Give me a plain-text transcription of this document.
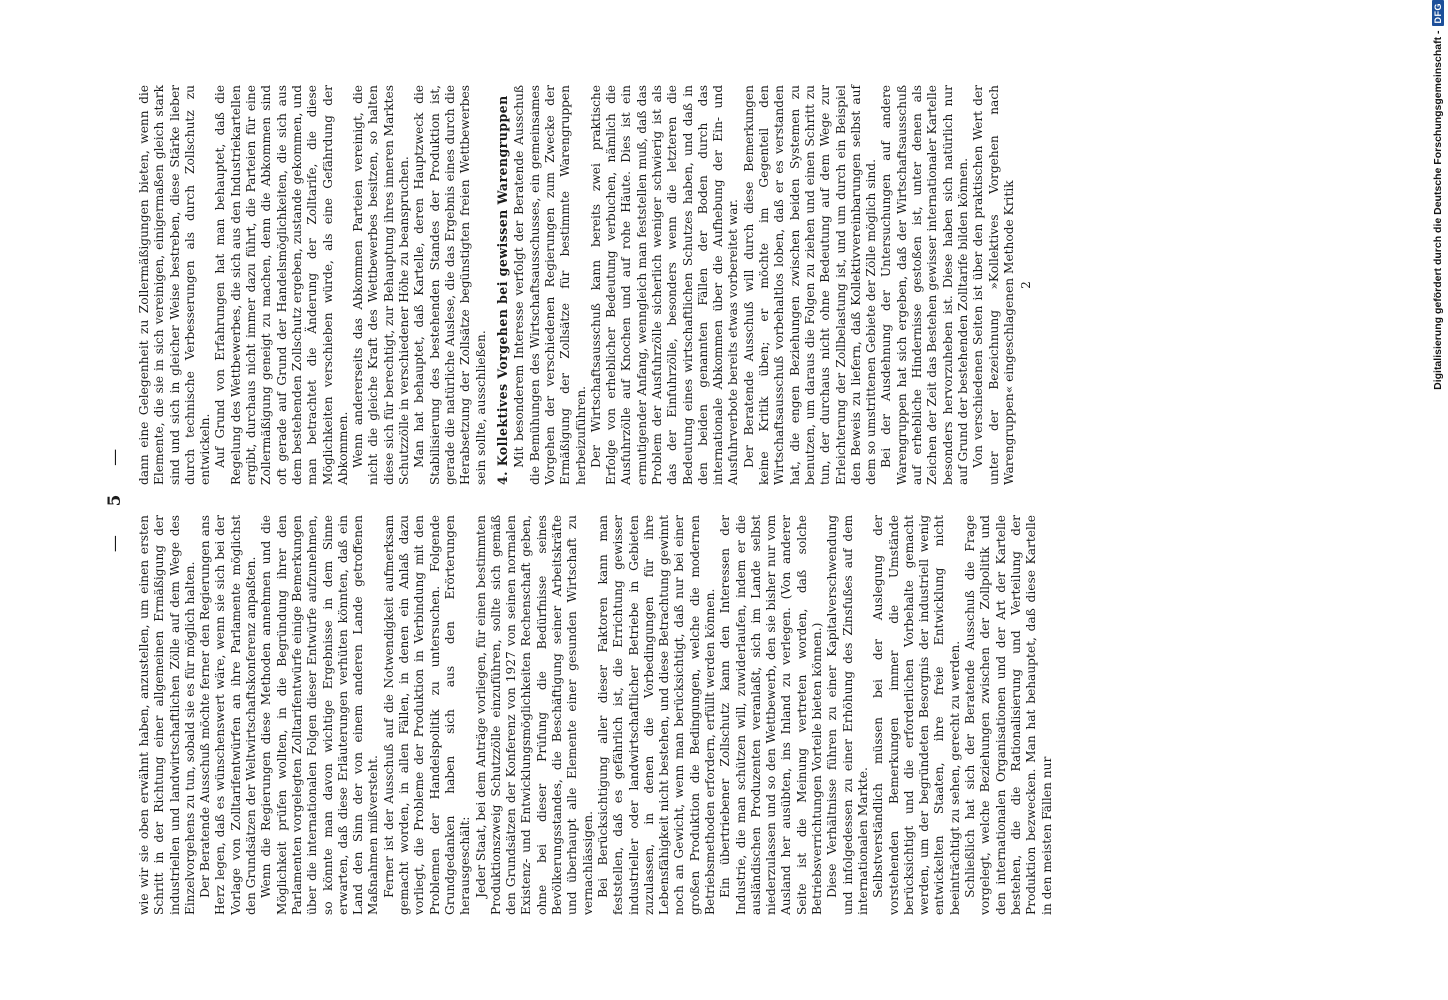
—    5    —

wie wir sie oben erwähnt haben, anzustellen, um einen ersten Schritt in der Richtung einer allgemeinen Ermäßigung der industriellen und landwirtschaftlichen Zölle auf dem Wege des Einzelvorgehens zu tun, sobald sie es für möglich halten. Der Beratende Ausschuß möchte ferner den Regierungen ans Herz legen, daß es wünschenswert wäre, wenn sie sich bei der Vorlage von Zolltarifentwürfen an ihre Parlamente möglichst den Grundsätzen der Weltwirtschaftskonferenz anpaßten. Wenn die Regierungen diese Methoden annehmen und die Möglichkeit prüfen wollten, in die Begründung ihrer den Parlamenten vorgelegten Zolltarifentwürfe einige Bemerkungen über die internationalen Folgen dieser Entwürfe aufzunehmen, so könnte man davon wichtige Ergebnisse in dem Sinne erwarten, daß diese Erläuterungen verhüten könnten, daß ein Land den Sinn der von einem anderen Lande getroffenen Maßnahmen mißversteht. Ferner ist der Ausschuß auf die Notwendigkeit aufmerksam gemacht worden, in allen Fällen, in denen ein Anlaß dazu vorliegt, die Probleme der Produktion in Verbindung mit den Problemen der Handelspolitik zu untersuchen. Folgende Grundgedanken haben sich aus den Erörterungen herausgeschält: Jeder Staat, bei dem Anträge vorliegen, für einen bestimmten Produktionszweig Schutzzölle einzuführen, sollte sich gemäß den Grundsätzen der Konferenz von 1927 von seinen normalen Existenz- und Entwicklungsmöglichkeiten Rechenschaft geben, ohne bei dieser Prüfung die Bedürfnisse seines Bevölkerungsstandes, die Beschäftigung seiner Arbeitskräfte und überhaupt alle Elemente einer gesunden Wirtschaft zu vernachlässigen. Bei Berücksichtigung aller dieser Faktoren kann man feststellen, daß es gefährlich ist, die Errichtung gewisser industrieller oder landwirtschaftlicher Betriebe in Gebieten zuzulassen, in denen die Vorbedingungen für ihre Lebensfähigkeit nicht bestehen, und diese Betrachtung gewinnt noch an Gewicht, wenn man berücksichtigt, daß nur bei einer großen Produktion die Bedingungen, welche die modernen Betriebsmethoden erfordern, erfüllt werden können. Ein übertriebener Zollschutz kann den Interessen der Industrie, die man schützen will, zuwiderlaufen, indem er die ausländischen Produzenten veranlaßt, sich im Lande selbst niederzulassen und so den Wettbewerb, den sie bisher nur vom Ausland her ausübten, ins Inland zu verlegen. (Von anderer Seite ist die Meinung vertreten worden, daß solche Betriebsverrichtungen Vorteile bieten können.) Diese Verhältnisse führen zu einer Kapitalverschwendung und infolgedessen zu einer Erhöhung des Zinsfußes auf dem internationalen Markte. Selbstverständlich müssen bei der Auslegung der vorstehenden Bemerkungen immer die Umstände berücksichtigt und die erforderlichen Vorbehalte gemacht werden, um der begründeten Besorgnis der industriell wenig entwickelten Staaten, ihre freie Entwicklung nicht beeinträchtigt zu sehen, gerecht zu werden. Schließlich hat sich der Beratende Ausschuß die Frage vorgelegt, welche Beziehungen zwischen der Zollpolitik und den internationalen Organisationen und der Art der Kartelle bestehen, die die Rationalisierung und Verteilung der Produktion bezwecken. Man hat behauptet, daß diese Kartelle in den meisten Fällen nur

dann eine Gelegenheit zu Zollermäßigungen bieten, wenn die Elemente, die sie in sich vereinigen, einigermaßen gleich stark sind und sich in gleicher Weise bestreben, diese Stärke lieber durch technische Verbesserungen als durch Zollschutz zu entwickeln. Auf Grund von Erfahrungen hat man behauptet, daß die Regelung des Wettbewerbes, die sich aus den Industriekartellen ergibt, durchaus nicht immer dazu führt, die Parteien für eine Zollermäßigung geneigt zu machen, denn die Abkommen sind oft gerade auf Grund der Handelsmöglichkeiten, die sich aus dem bestehenden Zollschutz ergeben, zustande gekommen, und man betrachtet die Änderung der Zolltarife, die diese Möglichkeiten verschieben würde, als eine Gefährdung der Abkommen. Wenn andererseits das Abkommen Parteien vereinigt, die nicht die gleiche Kraft des Wettbewerbes besitzen, so halten diese sich für berechtigt, zur Behauptung ihres inneren Marktes Schutzzölle in verschiedener Höhe zu beanspruchen. Man hat behauptet, daß Kartelle, deren Hauptzweck die Stabilisierung des bestehenden Standes der Produktion ist, gerade die natürliche Auslese, die das Ergebnis eines durch die Herabsetzung der Zollsätze begünstigten freien Wettbewerbes sein sollte, ausschließen. 4. Kollektives Vorgehen bei gewissen Warengruppen Mit besonderem Interesse verfolgt der Beratende Ausschuß die Bemühungen des Wirtschaftsausschusses, ein gemeinsames Vorgehen der verschiedenen Regierungen zum Zwecke der Ermäßigung der Zollsätze für bestimmte Warengruppen herbeizuführen. Der Wirtschaftsausschuß kann bereits zwei praktische Erfolge von erheblicher Bedeutung verbuchen, nämlich die Ausfuhrzölle auf Knochen und auf rohe Häute. Dies ist ein ermutigender Anfang, wenngleich man feststellen muß, daß das Problem der Ausfuhrzölle sicherlich weniger schwierig ist als das der Einfuhrzölle, besonders wenn die letzteren die Bedeutung eines wirtschaftlichen Schutzes haben, und daß in den beiden genannten Fällen der Boden durch das internationale Abkommen über die Aufhebung der Ein- und Ausfuhrverbote bereits etwas vorbereitet war. Der Beratende Ausschuß will durch diese Bemerkungen keine Kritik üben; er möchte im Gegenteil den Wirtschaftsausschuß vorbehaltlos loben, daß er es verstanden hat, die engen Beziehungen zwischen beiden Systemen zu benutzen, um daraus die Folgen zu ziehen und einen Schritt zu tun, der durchaus nicht ohne Bedeutung auf dem Wege zur Erleichterung der Zollbelastung ist, und um durch ein Beispiel den Beweis zu liefern, daß Kollektivvereinbarungen selbst auf dem so umstrittenen Gebiete der Zölle möglich sind. Bei der Ausdehnung der Untersuchungen auf andere Warengruppen hat sich ergeben, daß der Wirtschaftsausschuß auf erhebliche Hindernisse gestoßen ist, unter denen als Zeichen der Zeit das Bestehen gewisser internationaler Kartelle besonders hervorzuheben ist. Diese haben sich natürlich nur auf Grund der bestehenden Zolltarife bilden können. Von verschiedenen Seiten ist über den praktischen Wert der unter der Bezeichnung »Kollektives Vorgehen nach Warengruppen« eingeschlagenen Methode Kritik 2	Digitalisierung gefördert durch die Deutsche Forschungsgemeinschaft -
DFG
